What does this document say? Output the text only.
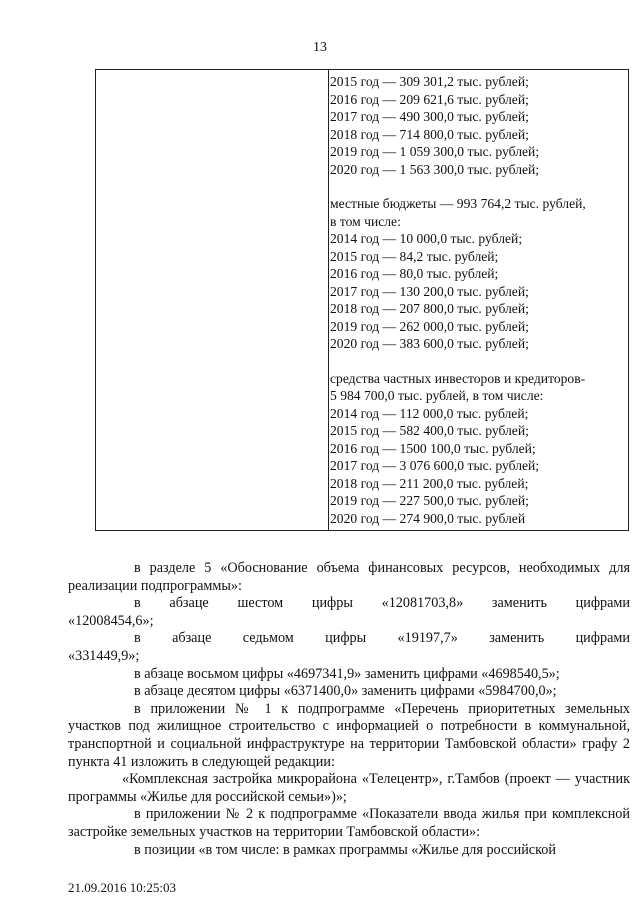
13
2015 год — 309 301,2 тыс. рублей;
2016 год — 209 621,6 тыс. рублей;
2017 год — 490 300,0 тыс. рублей;
2018 год — 714 800,0 тыс. рублей;
2019 год — 1 059 300,0 тыс. рублей;
2020 год — 1 563 300,0 тыс. рублей;
местные бюджеты — 993 764,2 тыс. рублей,
в том числе:
2014 год — 10 000,0 тыс. рублей;
2015 год — 84,2 тыс. рублей;
2016 год — 80,0 тыс. рублей;
2017 год — 130 200,0 тыс. рублей;
2018 год — 207 800,0 тыс. рублей;
2019 год — 262 000,0 тыс. рублей;
2020 год — 383 600,0 тыс. рублей;
средства частных инвесторов и кредиторов-
5 984 700,0 тыс. рублей, в том числе:
2014 год — 112 000,0 тыс. рублей;
2015 год — 582 400,0 тыс. рублей;
2016 год — 1500 100,0 тыс. рублей;
2017 год — 3 076 600,0 тыс. рублей;
2018 год — 211 200,0 тыс. рублей;
2019 год — 227 500,0 тыс. рублей;
2020 год — 274 900,0 тыс. рублей

в разделе 5 «Обоснование объема финансовых ресурсов, необходимых для реализации подпрограммы»:

в абзаце шестом цифры «12081703,8» заменить цифрами

«12008454,6»;

в абзаце седьмом цифры «19197,7» заменить цифрами

«331449,9»;

в абзаце восьмом цифры «4697341,9» заменить цифрами «4698540,5»;

в абзаце десятом цифры «6371400,0» заменить цифрами «5984700,0»;

в приложении № 1 к подпрограмме «Перечень приоритетных земельных участков под жилищное строительство с информацией о потребности в коммунальной, транспортной и социальной инфраструктуре на территории Тамбовской области» графу 2 пункта 41 изложить в следующей редакции:

«Комплексная застройка микрорайона «Телецентр», г.Тамбов (проект — участник программы «Жилье для российской семьи»)»;

в приложении № 2 к подпрограмме «Показатели ввода жилья при комплексной застройке земельных участков на территории Тамбовской области»:

в позиции «в том числе: в рамках программы «Жилье для российской

21.09.2016 10:25:03
